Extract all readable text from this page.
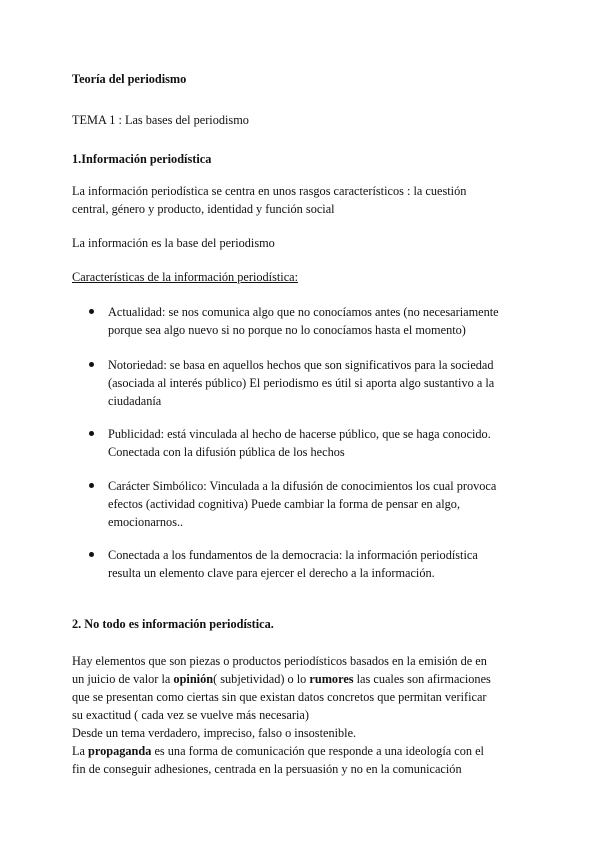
Teoría del periodismo
TEMA 1 : Las bases del periodismo
1.Información periodística
La información periodística se centra en unos rasgos característicos : la cuestión
central, género y producto, identidad y función social
La información es la base del periodismo
Características de la información periodística:
Actualidad: se nos comunica algo que no conocíamos antes (no necesariamente
porque sea algo nuevo si no porque no lo conocíamos hasta el momento)
Notoriedad: se basa en aquellos hechos que son significativos para la sociedad
(asociada al interés público) El periodismo es útil si aporta algo sustantivo a la
ciudadanía
Publicidad: está vinculada al hecho de hacerse público, que se haga conocido.
Conectada con la difusión pública de los hechos
Carácter Simbólico: Vinculada a la difusión de conocimientos los cual provoca
efectos (actividad cognitiva) Puede cambiar la forma de pensar en algo,
emocionarnos..
Conectada a los fundamentos de la democracia: la información periodística
resulta un elemento clave para ejercer el derecho a la información.
2. No todo es información periodística.
Hay elementos que son piezas o productos periodísticos basados en la emisión de en
un juicio de valor la opinión( subjetividad) o lo rumores las cuales son afirmaciones
que se presentan como ciertas sin que existan datos concretos que permitan verificar
su exactitud ( cada vez se vuelve más necesaria)
Desde un tema verdadero, impreciso, falso o insostenible.
La propaganda es una forma de comunicación que responde a una ideología con el
fin de conseguir adhesiones, centrada en la persuasión y no en la comunicación
